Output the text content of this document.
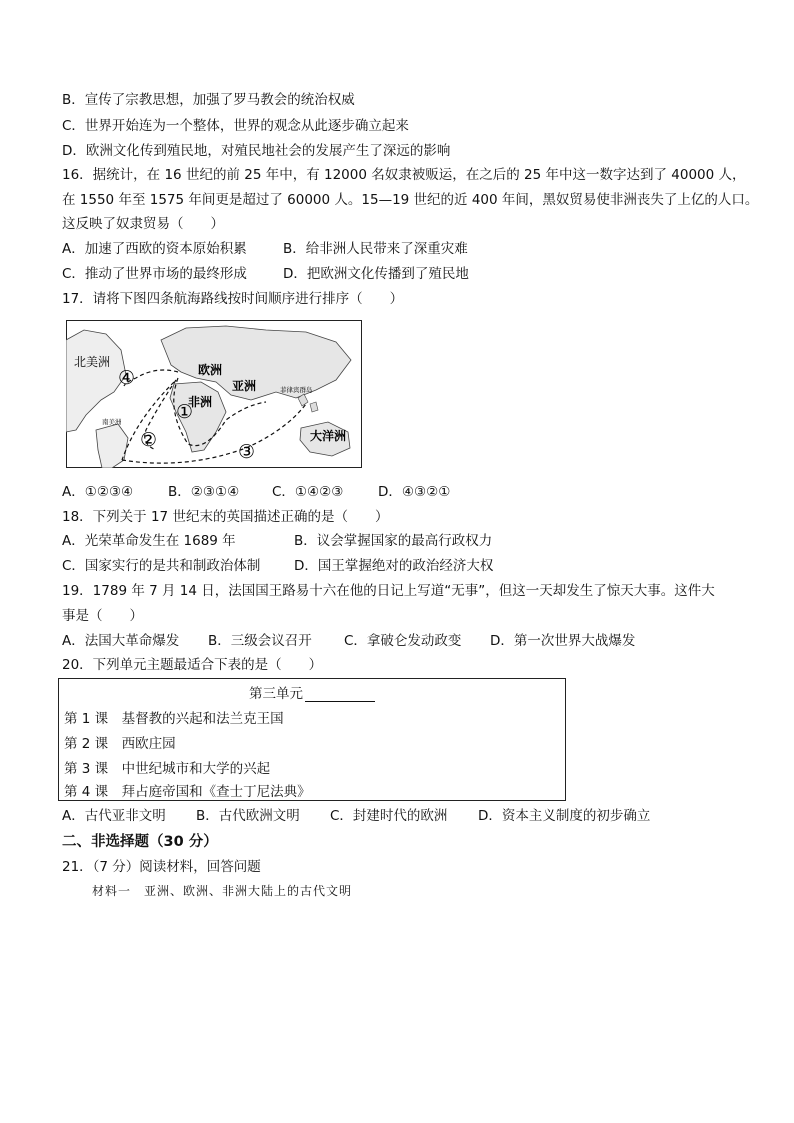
B．宣传了宗教思想，加强了罗马教会的统治权威
C．世界开始连为一个整体，世界的观念从此逐步确立起来
D．欧洲文化传到殖民地，对殖民地社会的发展产生了深远的影响
16．据统计，在 16 世纪的前 25 年中，有 12000 名奴隶被贩运，在之后的 25 年中这一数字达到了 40000 人，
在 1550 年至 1575 年间更是超过了 60000 人。15—19 世纪的近 400 年间，黑奴贸易使非洲丧失了上亿的人口。
这反映了奴隶贸易（　　）
A．加速了西欧的资本原始积累	B．给非洲人民带来了深重灾难
C．推动了世界市场的最终形成	D．把欧洲文化传播到了殖民地
17．请将下图四条航海路线按时间顺序进行排序（　　）
北美洲
欧洲
亚洲
非洲
大洋洲
菲律宾群岛
南美洲
④
①
②
③
A．①②③④	B．②③①④ C．①④②③	D．④③②①
18．下列关于 17 世纪末的英国描述正确的是（　　）
A．光荣革命发生在 1689 年	B．议会掌握国家的最高行政权力
C．国家实行的是共和制政治体制 D．国王掌握绝对的政治经济大权
19．1789 年 7 月 14 日，法国国王路易十六在他的日记上写道“无事”，但这一天却发生了惊天大事。这件大
事是（　　）
A．法国大革命爆发 B．三级会议召开 C．拿破仑发动政变 D．第一次世界大战爆发
20．下列单元主题最适合下表的是（　　）
第三单元
第 1 课　基督教的兴起和法兰克王国
第 2 课　西欧庄园
第 3 课　中世纪城市和大学的兴起
第 4 课　拜占庭帝国和《查士丁尼法典》
A．古代亚非文明 B．古代欧洲文明 C．封建时代的欧洲 D．资本主义制度的初步确立
二、非选择题（30 分）
21．（7 分）阅读材料，回答问题
材料一　亚洲、欧洲、非洲大陆上的古代文明
